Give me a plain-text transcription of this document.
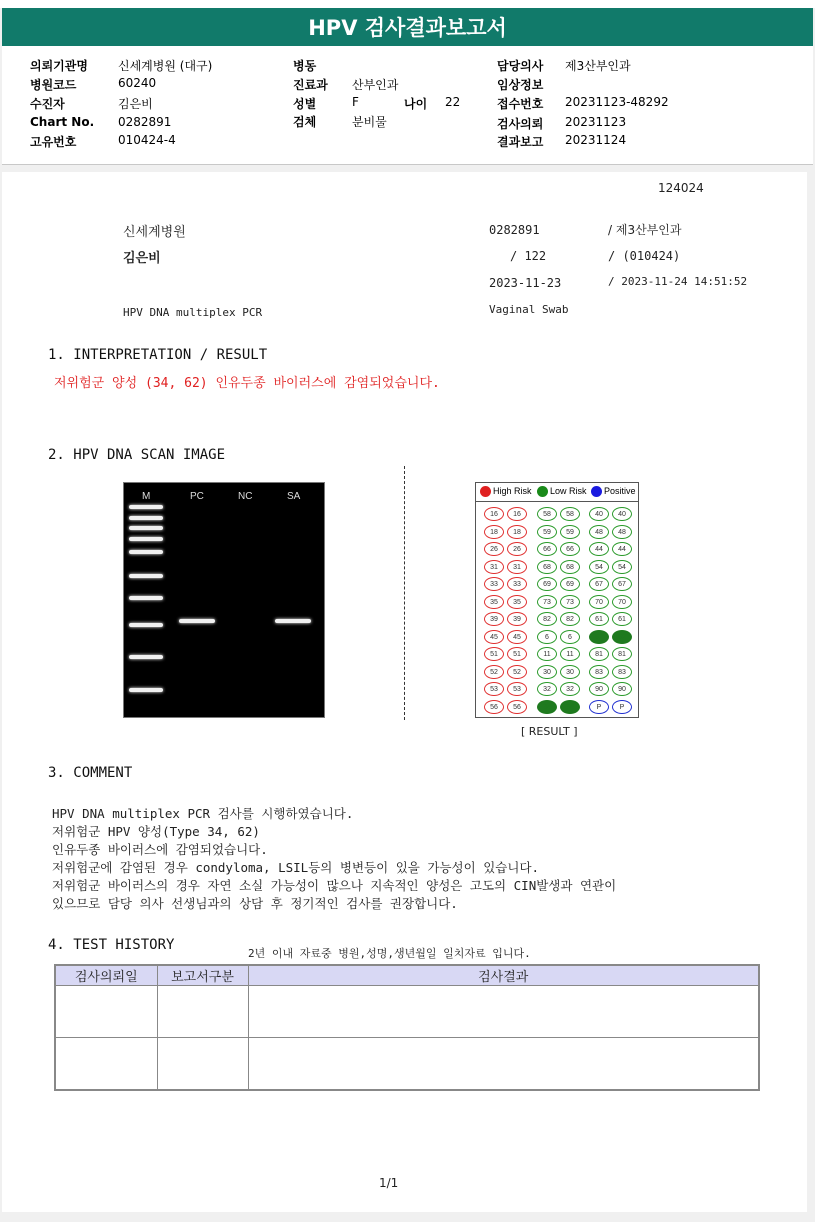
HPV 검사결과보고서
의뢰기관명	신세계병원 (대구)
병원코드	60240
수진자	김은비
Chart No. 0282891
고유번호	010424-4
병동
진료과 산부인과
성별	F	나이 22
검체	분비물
담당의사 제3산부인과
임상정보
접수번호 20231123-48292
검사의뢰 20231123
결과보고 20231124
124024
신세계병원	0282891	/ 제3산부인과
김은비	/ 122	/ (010424)
2023-11-23	/ 2023-11-24 14:51:52
HPV DNA multiplex PCR	Vaginal Swab
1. INTERPRETATION / RESULT
저위험군 양성 (34, 62) 인유두종 바이러스에 감염되었습니다.
2. HPV DNA SCAN IMAGE
M	PC	NC	SA	High Risk Low Risk Positive
16	16	58	58	40	40
18	18	59	59	48	48
26	26	66	66	44	44
31	31	68	68	54	54
33	33	69	69	67	67
35	35	73	73	70	70
39	39	82	82	61	61
45	45	6	6	62	62
51	51	11	11	81	81
52	52	30	30	83	83
53	53	32	32	90	90
56	56	34	34	P	P
[ RESULT ]
3. COMMENT
HPV DNA multiplex PCR 검사를 시행하였습니다.
저위험군 HPV 양성(Type 34, 62)
인유두종 바이러스에 감염되었습니다.
저위험군에 감염된 경우 condyloma, LSIL등의 병변등이 있을 가능성이 있습니다.
저위험군 바이러스의 경우 자연 소실 가능성이 많으나 지속적인 양성은 고도의 CIN발생과 연관이
있으므로 담당 의사 선생님과의 상담 후 정기적인 검사를 권장합니다.
4. TEST HISTORY
2년 이내 자료중 병원,성명,생년월일 일치자료 입니다.
검사의뢰일	보고서구분	검사결과

1/1
